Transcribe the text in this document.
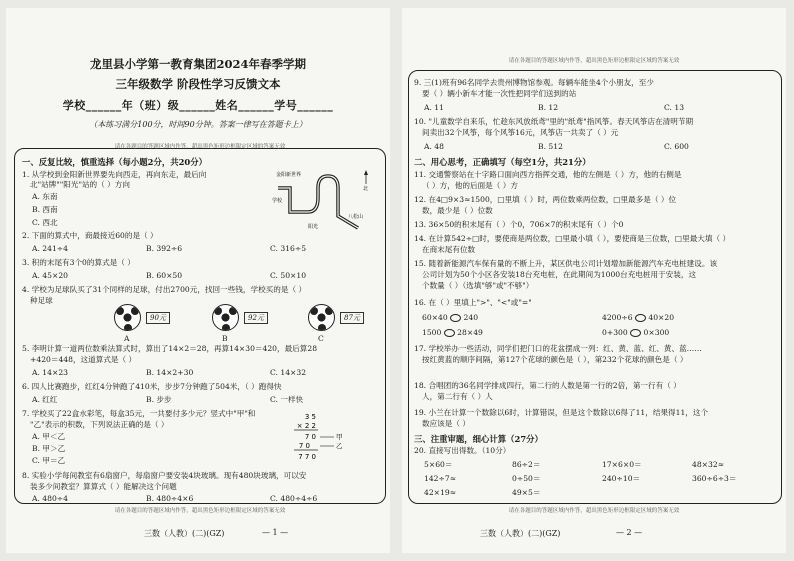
龙里县小学第一教育集团2024年春季学期
三年级数学 阶段性学习反馈文本
学校______年（班）级______姓名______学号______
（本练习满分100分，时间90分钟。答案一律写在答题卡上）
请在各题目的答题区域内作答，超出黑色矩形边框限定区域的答案无效
一、反复比较，慎重选择（每小题2分，共20分）
1. 从学校到金阳新世界要先向西走，再向东走，最后向
北"站牌""阳光"站的（ ）方向
A. 东南
B. 西南
C. 西北
金阳新世界
北
阳光
八松山
学校
2. 下面的算式中，商最接近60的是（ ）
A. 241÷4	B. 392÷6	C. 316÷5
3. 积的末尾有3个0的算式是（ ）
A. 45×20	B. 60×50	C. 50×10
4. 学校为足球队买了31个同样的足球，付出2700元，找回一些钱，学校买的是（ ）
种足球
90元	92元	87元
A	B	C
5. 李明计算一道两位数乘法算式时，算出了14×2＝28，再算14×30＝420，最后算28
+420＝448，这道算式是（ ）
A. 14×23	B. 14×2+30	C. 14×32
6. 四人比赛跑步，红红4分钟跑了410米，步步7分钟跑了504米，（ ）跑得快
A. 红红	B. 步步	C. 一样快
7. 学校买了22盒水彩笔，每盒35元，一共要付多少元？竖式中"甲"和
"乙"表示的积数，下列说法正确的是（ ）
A. 甲＜乙
B. 甲＞乙
C. 甲＝乙
3 5
× 2 2
7 0
7 0
7 7 0
甲
乙
8. 实验小学每间教室有6扇窗户，每扇窗户要安装4块玻璃。现有480块玻璃，可以安
装多少间教室？算算式（ ）能解决这个问题
A. 480÷4	B. 480÷4×6	C. 480÷4÷6
请在各题目的答题区域内作答，超出黑色矩形边框限定区域的答案无效
三数（人教）(二)(GZ)	— 1 —
请在各题目的答题区域内作答，超出黑色矩形边框限定区域的答案无效
9. 三(1)班有96名同学去贵州博物馆参观。每辆车能坐4个小朋友，至少
要（ ）辆小新车才能一次性把同学们送到的站
A. 11	B. 12	C. 13
10. "儿童数学自来乐，忙趁东风放纸鸢"里的"纸鸢"指风筝。春天风筝店在清明节期
间卖出32个风筝，每个风筝16元，风筝店一共卖了（ ）元
A. 48	B. 512	C. 600
二、用心思考，正确填写（每空1分，共21分）
11. 交通警察站在十字路口面向西方指挥交通，他的左侧是（ ）方，他的右侧是
（ ）方，他的后面是（ ）方
12. 在4□9×3≈1500，□里填（ ）时，两位数乘两位数，□里最多是（ ）位
数，最少是（ ）位数
13. 36×50的积末尾有（ ）个0，706×7的积末尾有（ ）个0
14. 在计算542÷□时，要使商是两位数，□里最小填（ ），要使商是三位数，□里最大填（ ）
在商末尾有位数
15. 随着新能源汽车保有量的不断上升，某区供电公司计划增加新能源汽车充电桩建设。该
公司计划为50个小区各安装18台充电桩，在此期间为1000台充电桩用于安装，这
个数量（ ）（选填"够"或"不够"）
16. 在（ ）里填上">"、"<"或"="
60×40 240	4200÷6 40×20
1500 28×49	0+300 0×300
17. 学校举办一些活动，同学们把门口的花盆摆成一列：红、黄、蓝、红、黄、蓝……
按红黄蓝的顺序间隔，第127个花球的颜色是（ ），第232个花球的颜色是（ ）
18. 合唱团的36名同学排成四行，第二行的人数是第一行的2倍，第一行有（ ）
人，第二行有（ ）人
19. 小兰在计算一个数除以6时，计算错误，但是这个数除以6得了11，结果得11，这个
数应该是（ ）
三、注重审题，细心计算（27分）
20. 直接写出得数。（10分）
5×60＝	86÷2＝	17×6×0＝	48×32≈
142÷7≈	0÷50＝	240÷10＝	360÷6÷3＝
42×19≈	49×5＝
请在各题目的答题区域内作答，超出黑色矩形边框限定区域的答案无效
三数（人教）(二)(GZ)	— 2 —
